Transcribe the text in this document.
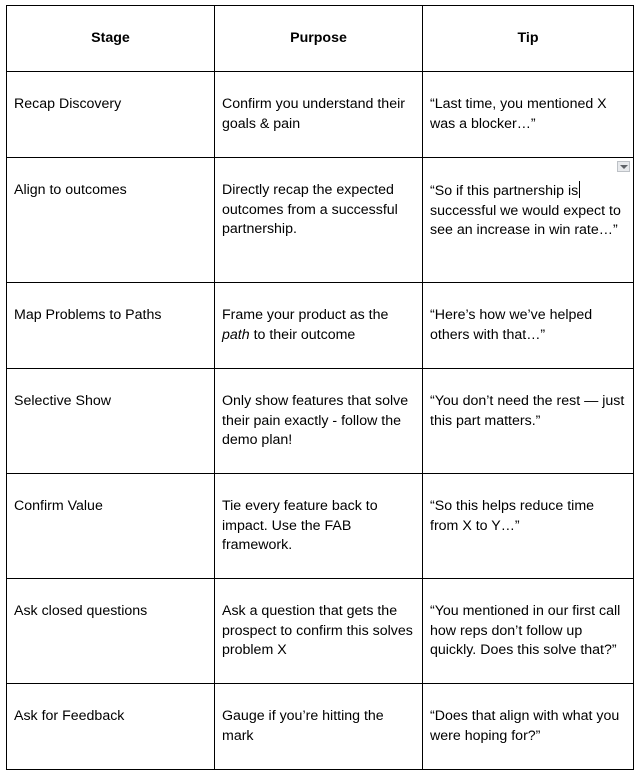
Stage	Purpose	Tip

Recap Discovery	Confirm you understand their goals & pain	“Last time, you mentioned X was a blocker…”

Align to outcomes	Directly recap the expected outcomes from a successful partnership.	“So if this partnership is successful we would expect to see an increase in win rate…”

Map Problems to Paths	Frame your product as the path to their outcome	“Here’s how we’ve helped others with that…”

Selective Show	Only show features that solve their pain exactly - follow the demo plan!	“You don’t need the rest — just this part matters.”

Confirm Value	Tie every feature back to impact. Use the FAB framework.	“So this helps reduce time from X to Y…”

Ask closed questions	Ask a question that gets the prospect to confirm this solves problem X	“You mentioned in our first call how reps don’t follow up quickly. Does this solve that?”

Ask for Feedback	Gauge if you’re hitting the mark	“Does that align with what you were hoping for?”
